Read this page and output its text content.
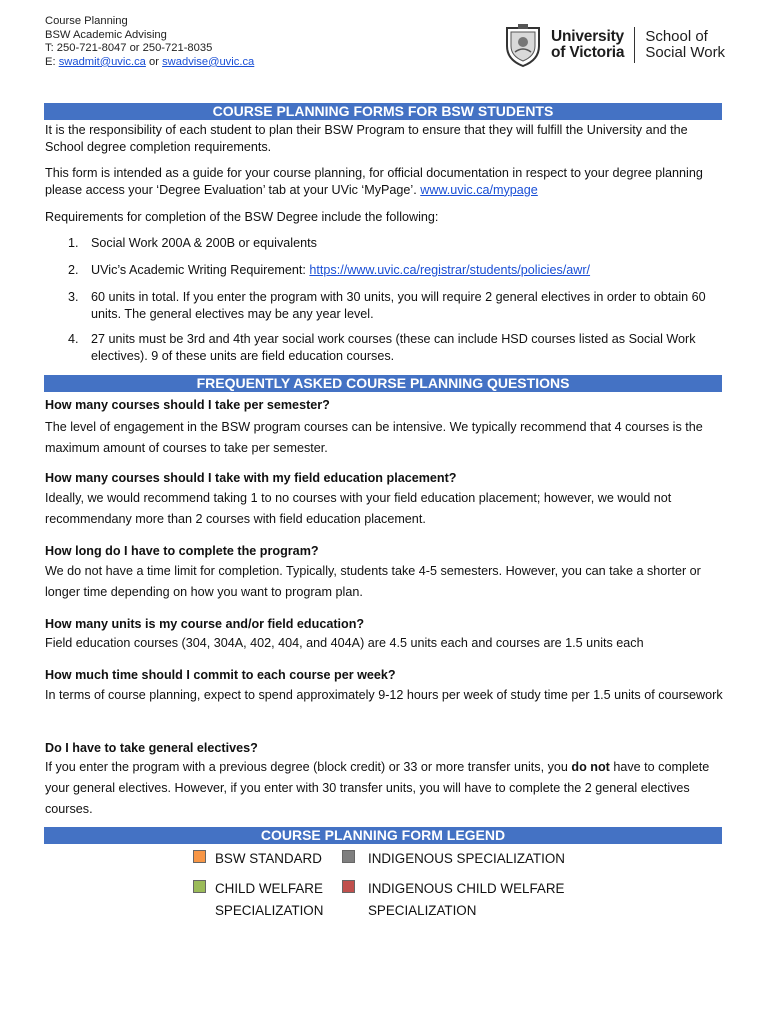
Course Planning
BSW Academic Advising
T: 250-721-8047 or 250-721-8035
E: swadmit@uvic.ca or swadvise@uvic.ca
University
of Victoria
School of
Social Work
COURSE PLANNING FORMS FOR BSW STUDENTS
It is the responsibility of each student to plan their BSW Program to ensure that they will fulfill the University and the School degree completion requirements.
This form is intended as a guide for your course planning, for official documentation in respect to your degree planning please access your ‘Degree Evaluation’ tab at your UVic ‘MyPage’. www.uvic.ca/mypage
Requirements for completion of the BSW Degree include the following:
1. Social Work 200A & 200B or equivalents
2. UVic’s Academic Writing Requirement: https://www.uvic.ca/registrar/students/policies/awr/
3. 60 units in total. If you enter the program with 30 units, you will require 2 general electives in order to obtain 60 units. The general electives may be any year level.
4. 27 units must be 3rd and 4th year social work courses (these can include HSD courses listed as Social Work electives). 9 of these units are field education courses.
FREQUENTLY ASKED COURSE PLANNING QUESTIONS
How many courses should I take per semester?
The level of engagement in the BSW program courses can be intensive. We typically recommend that 4 courses is the maximum amount of courses to take per semester.
How many courses should I take with my field education placement?
Ideally, we would recommend taking 1 to no courses with your field education placement; however, we would not recommendany more than 2 courses with field education placement.
How long do I have to complete the program?
We do not have a time limit for completion. Typically, students take 4-5 semesters. However, you can take a shorter or longer time depending on how you want to program plan.
How many units is my course and/or field education?
Field education courses (304, 304A, 402, 404, and 404A) are 4.5 units each and courses are 1.5 units each
How much time should I commit to each course per week?
In terms of course planning, expect to spend approximately 9-12 hours per week of study time per 1.5 units of coursework
Do I have to take general electives?
If you enter the program with a previous degree (block credit) or 33 or more transfer units, you do not have to complete your general electives. However, if you enter with 30 transfer units, you will have to complete the 2 general electives courses.
COURSE PLANNING FORM LEGEND
BSW STANDARD	INDIGENOUS SPECIALIZATION
CHILD WELFARE SPECIALIZATION
INDIGENOUS CHILD WELFARE SPECIALIZATION
